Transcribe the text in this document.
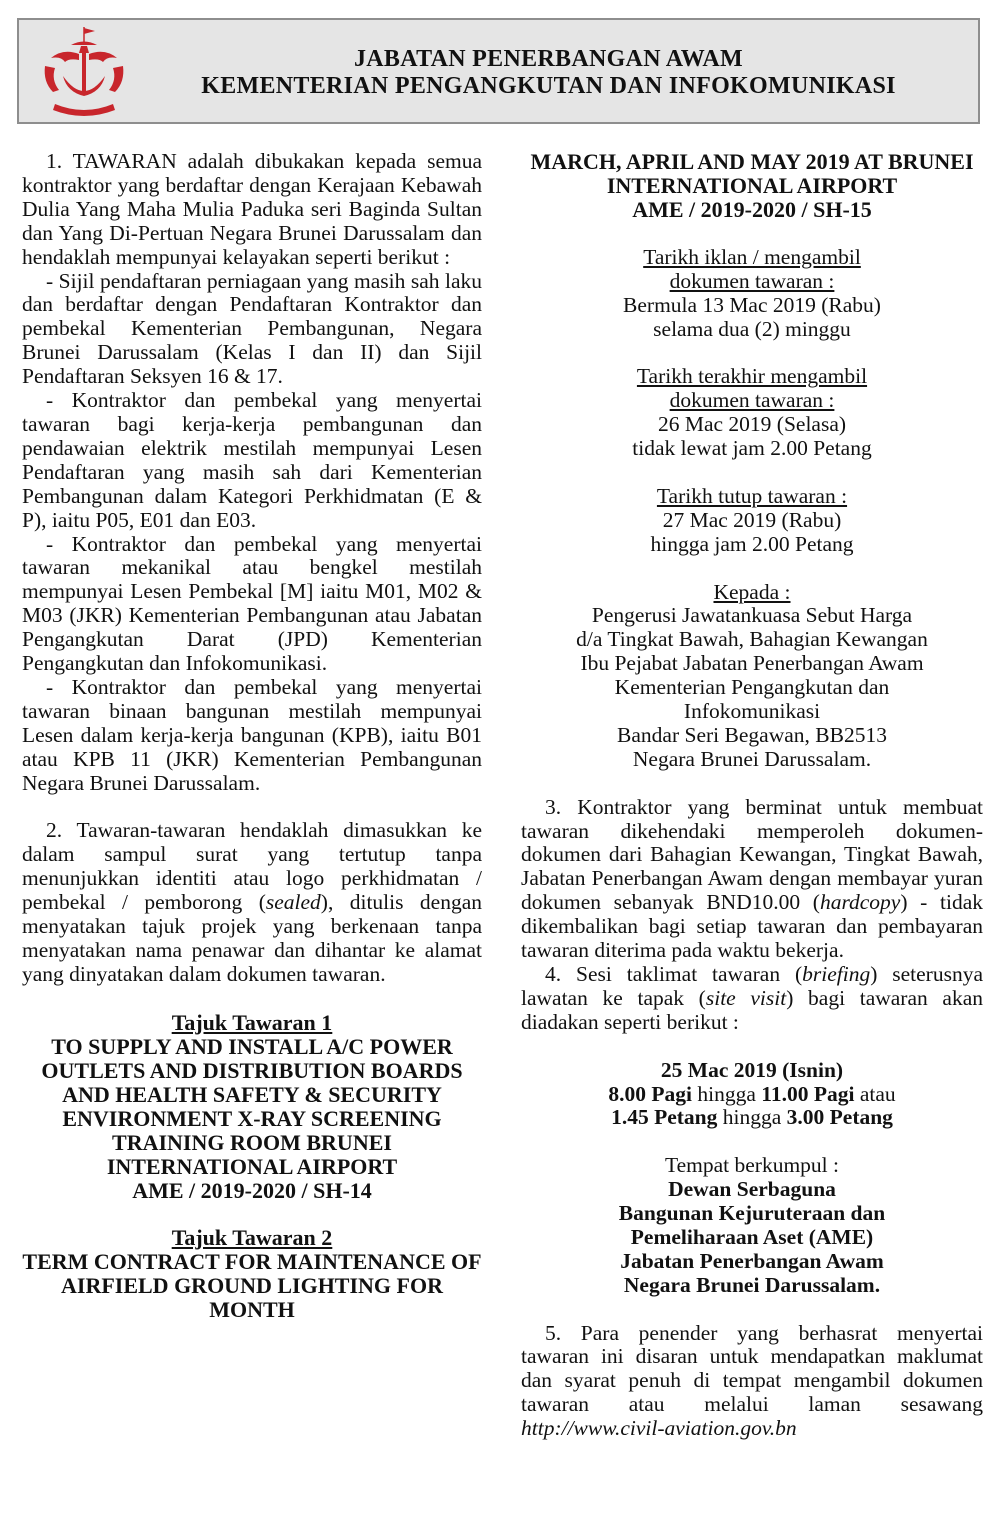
JABATAN PENERBANGAN AWAM
KEMENTERIAN PENGANGKUTAN DAN INFOKOMUNIKASI

1. TAWARAN adalah dibukakan kepada semua kontraktor yang berdaftar dengan Kerajaan Kebawah Dulia Yang Maha Mulia Paduka seri Baginda Sultan dan Yang Di-Pertuan Negara Brunei Darussalam dan hendaklah mempunyai kelayakan seperti berikut :

- Sijil pendaftaran perniagaan yang masih sah laku dan berdaftar dengan Pendaftaran Kontraktor dan pembekal Kementerian Pembangunan, Negara Brunei Darussalam (Kelas I dan II) dan Sijil Pendaftaran Seksyen 16 & 17.

- Kontraktor dan pembekal yang menyertai tawaran bagi kerja-kerja pembangunan dan pendawaian elektrik mestilah mempunyai Lesen Pendaftaran yang masih sah dari Kementerian Pembangunan dalam Kategori Perkhidmatan (E & P), iaitu P05, E01 dan E03.

- Kontraktor dan pembekal yang menyertai tawaran mekanikal atau bengkel mestilah mempunyai Lesen Pembekal [M] iaitu M01, M02 & M03 (JKR) Kementerian Pembangunan atau Jabatan Pengangkutan Darat (JPD) Kementerian Pengangkutan dan Infokomunikasi.

- Kontraktor dan pembekal yang menyertai tawaran binaan bangunan mestilah mempunyai Lesen dalam kerja-kerja bangunan (KPB), iaitu B01 atau KPB 11 (JKR) Kementerian Pembangunan Negara Brunei Darussalam.

2. Tawaran-tawaran hendaklah dimasukkan ke dalam sampul surat yang tertutup tanpa menunjukkan identiti atau logo perkhidmatan / pembekal / pemborong (sealed), ditulis dengan menyatakan tajuk projek yang berkenaan tanpa menyatakan nama penawar dan dihantar ke alamat yang dinyatakan dalam dokumen tawaran.

Tajuk Tawaran 1

TO SUPPLY AND INSTALL A/C POWER OUTLETS AND DISTRIBUTION BOARDS AND HEALTH SAFETY & SECURITY ENVIRONMENT X-RAY SCREENING TRAINING ROOM BRUNEI INTERNATIONAL AIRPORT

AME / 2019-2020 / SH-14

Tajuk Tawaran 2

TERM CONTRACT FOR MAINTENANCE OF AIRFIELD GROUND LIGHTING FOR MONTH

MARCH, APRIL AND MAY 2019 AT BRUNEI INTERNATIONAL AIRPORT

AME / 2019-2020 / SH-15

Tarikh iklan / mengambil

dokumen tawaran :

Bermula 13 Mac 2019 (Rabu)

selama dua (2) minggu

Tarikh terakhir mengambil

dokumen tawaran :

26 Mac 2019 (Selasa)

tidak lewat jam 2.00 Petang

Tarikh tutup tawaran :

27 Mac 2019 (Rabu)

hingga jam 2.00 Petang

Kepada :

Pengerusi Jawatankuasa Sebut Harga

d/a Tingkat Bawah, Bahagian Kewangan

Ibu Pejabat Jabatan Penerbangan Awam

Kementerian Pengangkutan dan

Infokomunikasi

Bandar Seri Begawan, BB2513

Negara Brunei Darussalam.

3. Kontraktor yang berminat untuk membuat tawaran dikehendaki memperoleh dokumen-dokumen dari Bahagian Kewangan, Tingkat Bawah, Jabatan Penerbangan Awam dengan membayar yuran dokumen sebanyak BND10.00 (hardcopy) - tidak dikembalikan bagi setiap tawaran dan pembayaran tawaran diterima pada waktu bekerja.

4. Sesi taklimat tawaran (briefing) seterusnya lawatan ke tapak (site visit) bagi tawaran akan diadakan seperti berikut :

25 Mac 2019 (Isnin)

8.00 Pagi hingga 11.00 Pagi atau

1.45 Petang hingga 3.00 Petang

Tempat berkumpul :

Dewan Serbaguna

Bangunan Kejuruteraan dan

Pemeliharaan Aset (AME)

Jabatan Penerbangan Awam

Negara Brunei Darussalam.

5. Para penender yang berhasrat menyertai tawaran ini disaran untuk mendapatkan maklumat dan syarat penuh di tempat mengambil dokumen tawaran atau melalui laman sesawang

http://www.civil-aviation.gov.bn
